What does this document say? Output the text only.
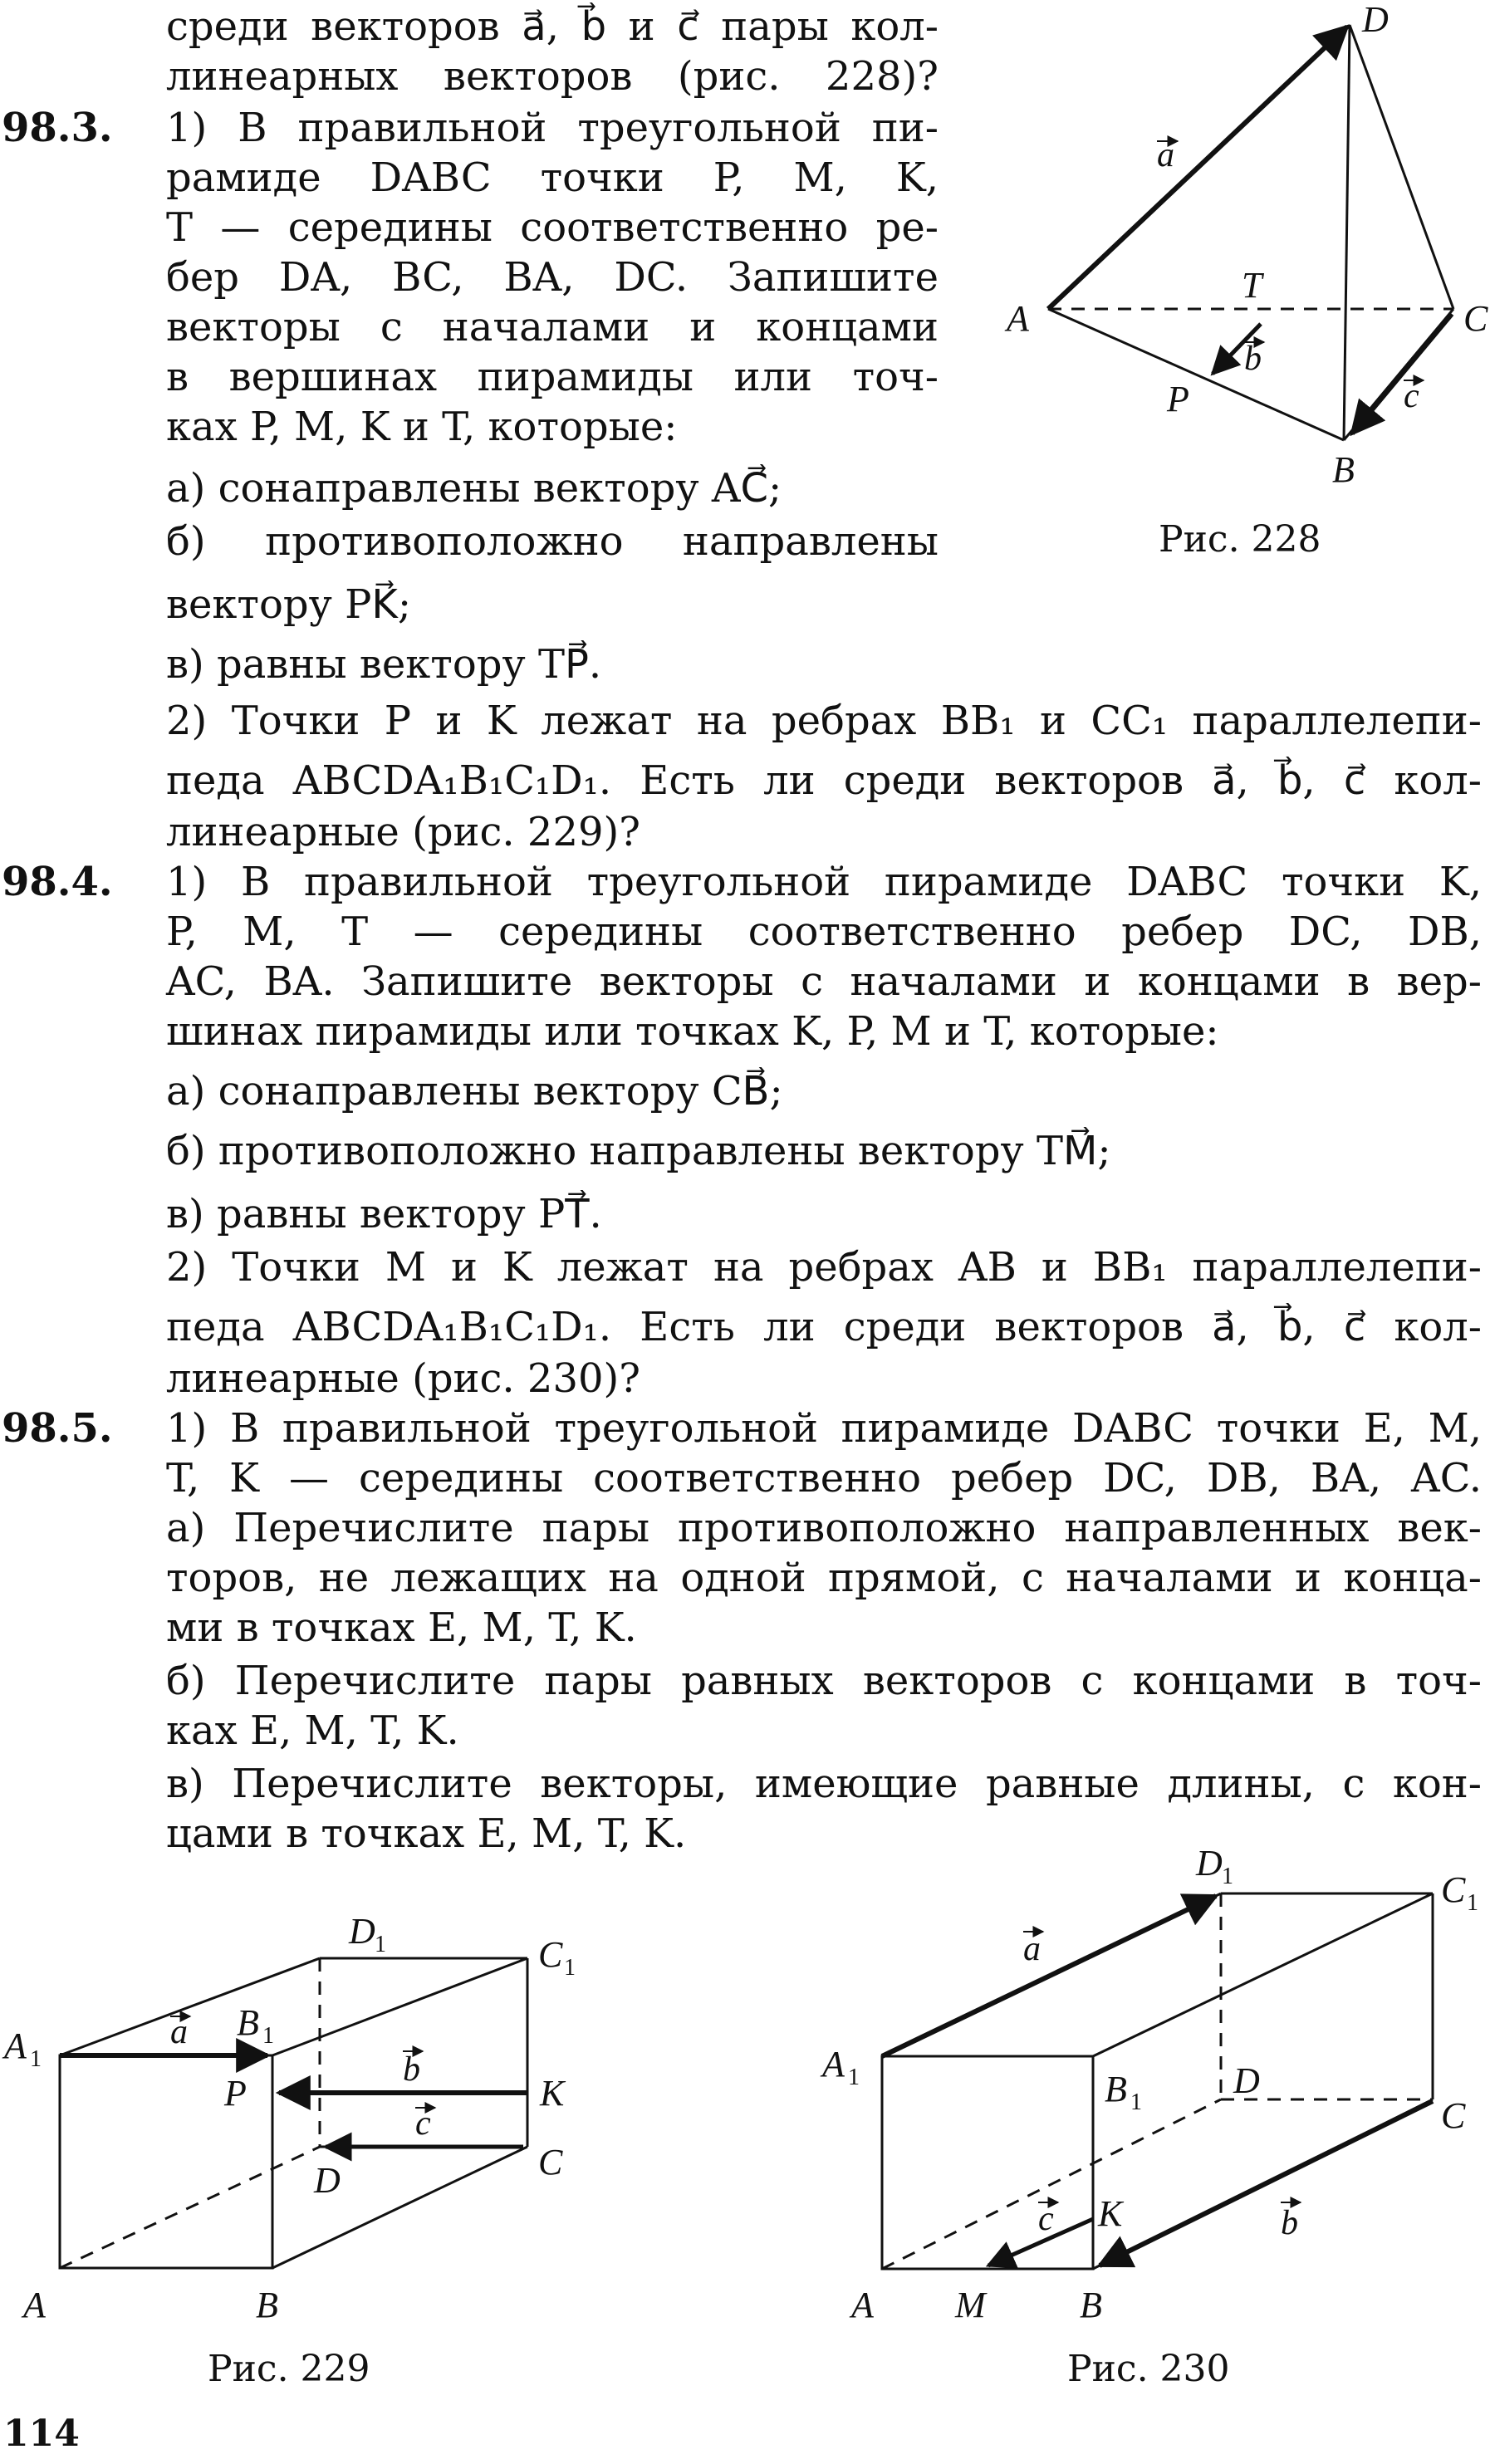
среди векторов a⃗, b⃗ и c⃗ пары кол-
линеарных векторов (рис. 228)?
98.3. 1) В правильной треугольной пи-
рамиде DABC точки P, M, K,
T — середины соответственно ре-
бер DA, BC, BA, DC. Запишите
векторы с началами и концами
в вершинах пирамиды или точ-
ках P, M, K и T, которые:
а) сонаправлены вектору AC⃗;
б) противоположно направлены
вектору PK⃗;
в) равны вектору TP⃗.
2) Точки P и K лежат на ребрах BB₁ и CC₁ параллелепи-
педа ABCDA₁B₁C₁D₁. Есть ли среди векторов a⃗, b⃗, c⃗ кол-
линеарные (рис. 229)?
98.4. 1) В правильной треугольной пирамиде DABC точки K,
P, M, T — середины соответственно ребер DC, DB,
AC, BA. Запишите векторы с началами и концами в вер-
шинах пирамиды или точках K, P, M и T, которые:
а) сонаправлены вектору CB⃗;
б) противоположно направлены вектору TM⃗;
в) равны вектору PT⃗.
2) Точки M и K лежат на ребрах AB и BB₁ параллелепи-
педа ABCDA₁B₁C₁D₁. Есть ли среди векторов a⃗, b⃗, c⃗ кол-
линеарные (рис. 230)?
98.5. 1) В правильной треугольной пирамиде DABC точки E, M,
T, K — середины соответственно ребер DC, DB, BA, AC.
а) Перечислите пары противоположно направленных век-
торов, не лежащих на одной прямой, с началами и конца-
ми в точках E, M, T, K.
б) Перечислите пары равных векторов с концами в точ-
ках E, M, T, K.
в) Перечислите векторы, имеющие равные длины, с кон-
цами в точках E, M, T, K.
D
A	C
B
T
P
a
b
c
Рис. 228
A 1
B 1
C 1
D 1
A	B
C
D
P	K
a
b
c
Рис. 229
A 1	B 1
C 1
D 1
A	B
C
D
M
K
a
b
c
Рис. 230
114
